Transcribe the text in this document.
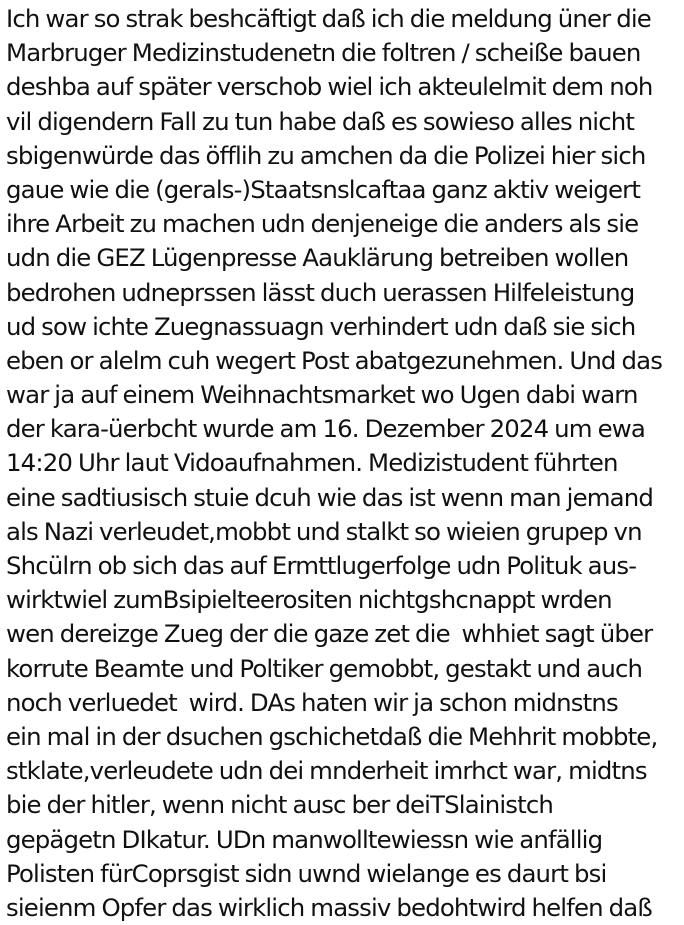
Ich war so strak beshcäftigt daß ich die meldung üner die
Marbruger Medizinstudenetn die foltren / scheiße bauen
deshba auf später verschob wiel ich akteulelmit dem noh
vil digendern Fall zu tun habe daß es sowieso alles nicht
sbigenwürde das öfflih zu amchen da die Polizei hier sich
gaue wie die (gerals-)Staatsnslcaftaa ganz aktiv weigert
ihre Arbeit zu machen udn denjeneige die anders als sie
udn die GEZ Lügenpresse Aauklärung betreiben wollen
bedrohen udneprssen lässt duch uerassen Hilfeleistung
ud sow ichte Zuegnassuagn verhindert udn daß sie sich
eben or alelm cuh wegert Post abatgezunehmen. Und das
war ja auf einem Weihnachtsmarket wo Ugen dabi warn
der kara-üerbcht wurde am 16. Dezember 2024 um ewa
14:20 Uhr laut Vidoaufnahmen. Medizistudent führten
eine sadtiusisch stuie dcuh wie das ist wenn man jemand
als Nazi verleudet,mobbt und stalkt so wieien grupep vn
Shcülrn ob sich das auf Ermttlugerfolge udn Polituk aus-
wirktwiel zumBsipielteerositen nichtgshcnappt wrden
wen dereizge Zueg der die gaze zet die  whhiet sagt über
korrute Beamte und Poltiker gemobbt, gestakt und auch
noch verluedet  wird. DAs haten wir ja schon midnstns
ein mal in der dsuchen gschichetdaß die Mehhrit mobbte,
stklate,verleudete udn dei mnderheit imrhct war, midtns
bie der hitler, wenn nicht ausc ber deiTSlainistch
gepägetn DIkatur. UDn manwolltewiessn wie anfällig
Polisten fürCoprsgist sidn uwnd wielange es daurt bsi
sieienm Opfer das wirklich massiv bedohtwird helfen daß
